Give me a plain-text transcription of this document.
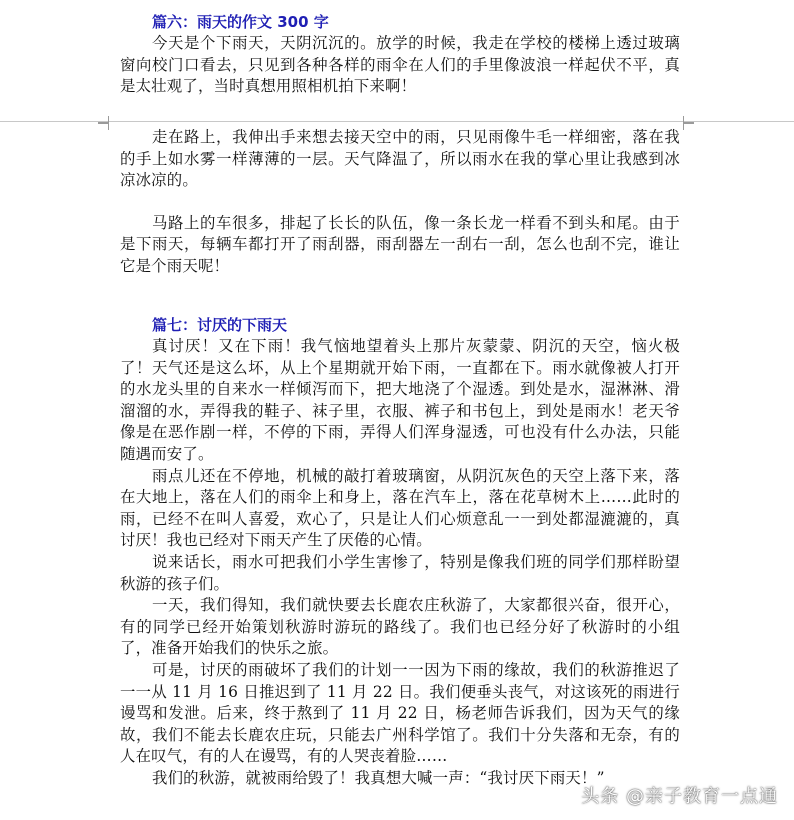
篇六：雨天的作文 300 字

今天是个下雨天，天阴沉沉的。放学的时候，我走在学校的楼梯上透过玻璃窗向校门口看去，只见到各种各样的雨伞在人们的手里像波浪一样起伏不平，真是太壮观了，当时真想用照相机拍下来啊！

走在路上，我伸出手来想去接天空中的雨，只见雨像牛毛一样细密，落在我的手上如水雾一样薄薄的一层。天气降温了，所以雨水在我的掌心里让我感到冰凉冰凉的。

马路上的车很多，排起了长长的队伍，像一条长龙一样看不到头和尾。由于是下雨天，每辆车都打开了雨刮器，雨刮器左一刮右一刮，怎么也刮不完，谁让它是个雨天呢！

篇七：讨厌的下雨天

真讨厌！又在下雨！我气恼地望着头上那片灰蒙蒙、阴沉的天空，恼火极了！天气还是这么坏，从上个星期就开始下雨，一直都在下。雨水就像被人打开的水龙头里的自来水一样倾泻而下，把大地浇了个湿透。到处是水，湿淋淋、滑溜溜的水，弄得我的鞋子、袜子里，衣服、裤子和书包上，到处是雨水！老天爷像是在恶作剧一样，不停的下雨，弄得人们浑身湿透，可也没有什么办法，只能随遇而安了。

雨点儿还在不停地，机械的敲打着玻璃窗，从阴沉灰色的天空上落下来，落在大地上，落在人们的雨伞上和身上，落在汽车上，落在花草树木上……此时的雨，已经不在叫人喜爱，欢心了，只是让人们心烦意乱一一到处都湿漉漉的，真讨厌！我也已经对下雨天产生了厌倦的心情。

说来话长，雨水可把我们小学生害惨了，特别是像我们班的同学们那样盼望秋游的孩子们。

一天，我们得知，我们就快要去长鹿农庄秋游了，大家都很兴奋，很开心，有的同学已经开始策划秋游时游玩的路线了。我们也已经分好了秋游时的小组了，准备开始我们的快乐之旅。

可是，讨厌的雨破坏了我们的计划一一因为下雨的缘故，我们的秋游推迟了一一从 11 月 16 日推迟到了 11 月 22 日。我们便垂头丧气，对这该死的雨进行谩骂和发泄。后来，终于熬到了 11 月 22 日，杨老师告诉我们，因为天气的缘故，我们不能去长鹿农庄玩，只能去广州科学馆了。我们十分失落和无奈，有的人在叹气，有的人在谩骂，有的人哭丧着脸……

我们的秋游，就被雨给毁了！我真想大喊一声：“我讨厌下雨天！”

头条 @亲子教育一点通
